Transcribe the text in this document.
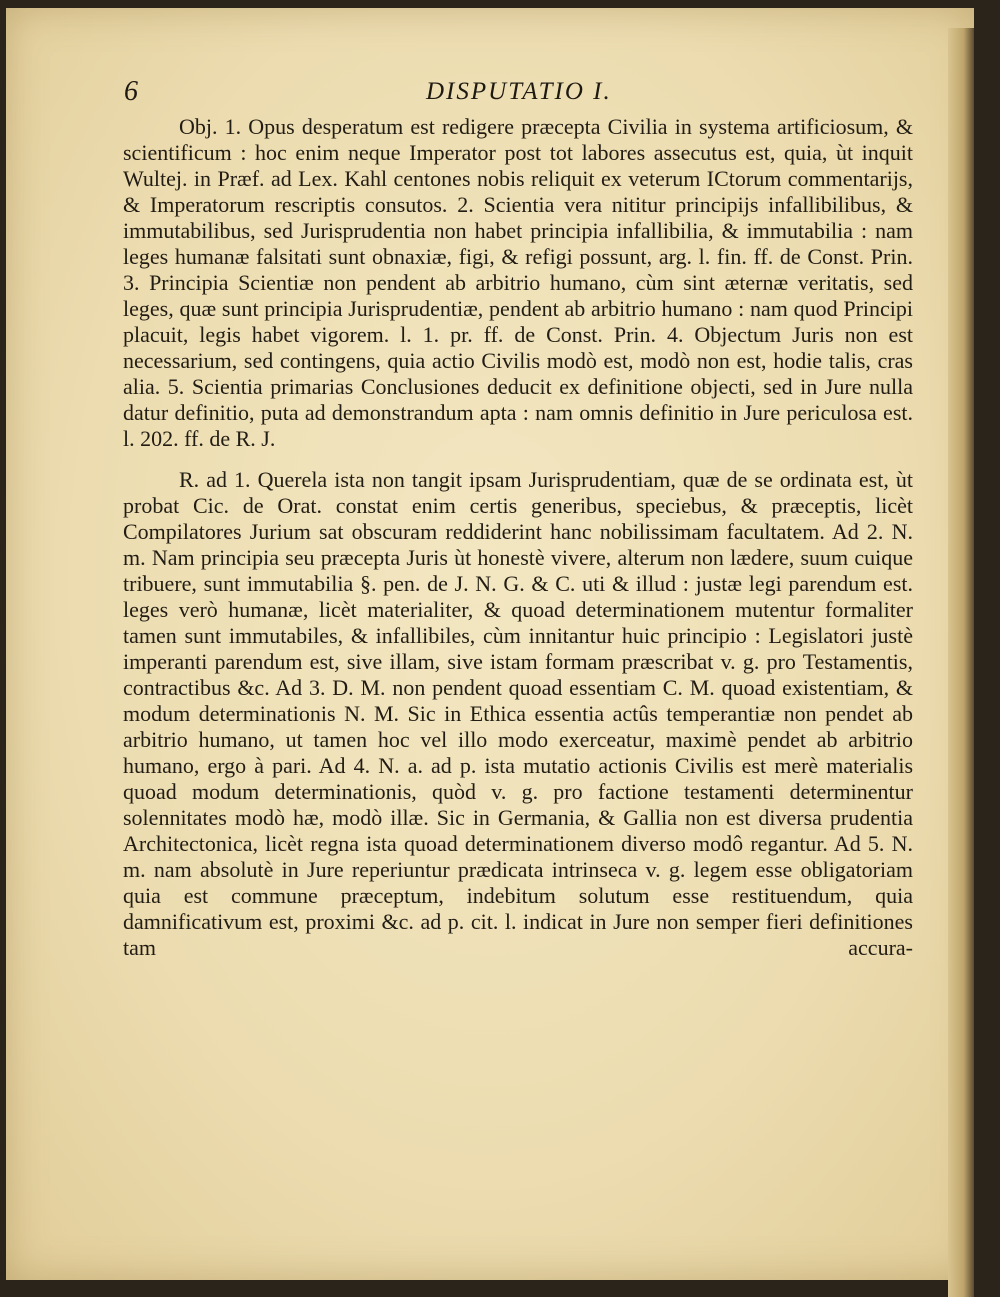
6	DISPUTATIO I.

Obj. 1. Opus desperatum est redigere præcepta Civilia in systema artificiosum, & scientificum : hoc enim neque Imperator post tot labores assecutus est, quia, ùt inquit Wultej. in Præf. ad Lex. Kahl centones nobis reliquit ex veterum ICtorum commentarijs, & Imperatorum rescriptis consutos. 2. Scientia vera nititur principijs infallibilibus, & immutabilibus, sed Jurisprudentia non habet principia infallibilia, & immutabilia : nam leges humanæ falsitati sunt obnaxiæ, figi, & refigi possunt, arg. l. fin. ff. de Const. Prin. 3. Principia Scientiæ non pendent ab arbitrio humano, cùm sint æternæ veritatis, sed leges, quæ sunt principia Jurisprudentiæ, pendent ab arbitrio humano : nam quod Principi placuit, legis habet vigorem. l. 1. pr. ff. de Const. Prin. 4. Objectum Juris non est necessarium, sed contingens, quia actio Civilis modò est, modò non est, hodie talis, cras alia. 5. Scientia primarias Conclusiones deducit ex definitione objecti, sed in Jure nulla datur definitio, puta ad demonstrandum apta : nam omnis definitio in Jure periculosa est. l. 202. ff. de R. J.

R. ad 1. Querela ista non tangit ipsam Jurisprudentiam, quæ de se ordinata est, ùt probat Cic. de Orat. constat enim certis generibus, speciebus, & præceptis, licèt Compilatores Jurium sat obscuram reddiderint hanc nobilissimam facultatem. Ad 2. N. m. Nam principia seu præcepta Juris ùt honestè vivere, alterum non lædere, suum cuique tribuere, sunt immutabilia §. pen. de J. N. G. & C. uti & illud : justæ legi parendum est. leges verò humanæ, licèt materialiter, & quoad determinationem mutentur formaliter tamen sunt immutabiles, & infallibiles, cùm innitantur huic principio : Legislatori justè imperanti parendum est, sive illam, sive istam formam præscribat v. g. pro Testamentis, contractibus &c. Ad 3. D. M. non pendent quoad essentiam C. M. quoad existentiam, & modum determinationis N. M. Sic in Ethica essentia actûs temperantiæ non pendet ab arbitrio humano, ut tamen hoc vel illo modo exerceatur, maximè pendet ab arbitrio humano, ergo à pari. Ad 4. N. a. ad p. ista mutatio actionis Civilis est merè materialis quoad modum determinationis, quòd v. g. pro factione testamenti determinentur solennitates modò hæ, modò illæ. Sic in Germania, & Gallia non est diversa prudentia Architectonica, licèt regna ista quoad determinationem diverso modô regantur. Ad 5. N. m. nam absolutè in Jure reperiuntur prædicata intrinseca v. g. legem esse obligatoriam quia est commune præceptum, indebitum solutum esse restituendum, quia damnificativum est, proximi &c. ad p. cit. l. indicat in Jure non semper fieri definitiones tam	accura-
